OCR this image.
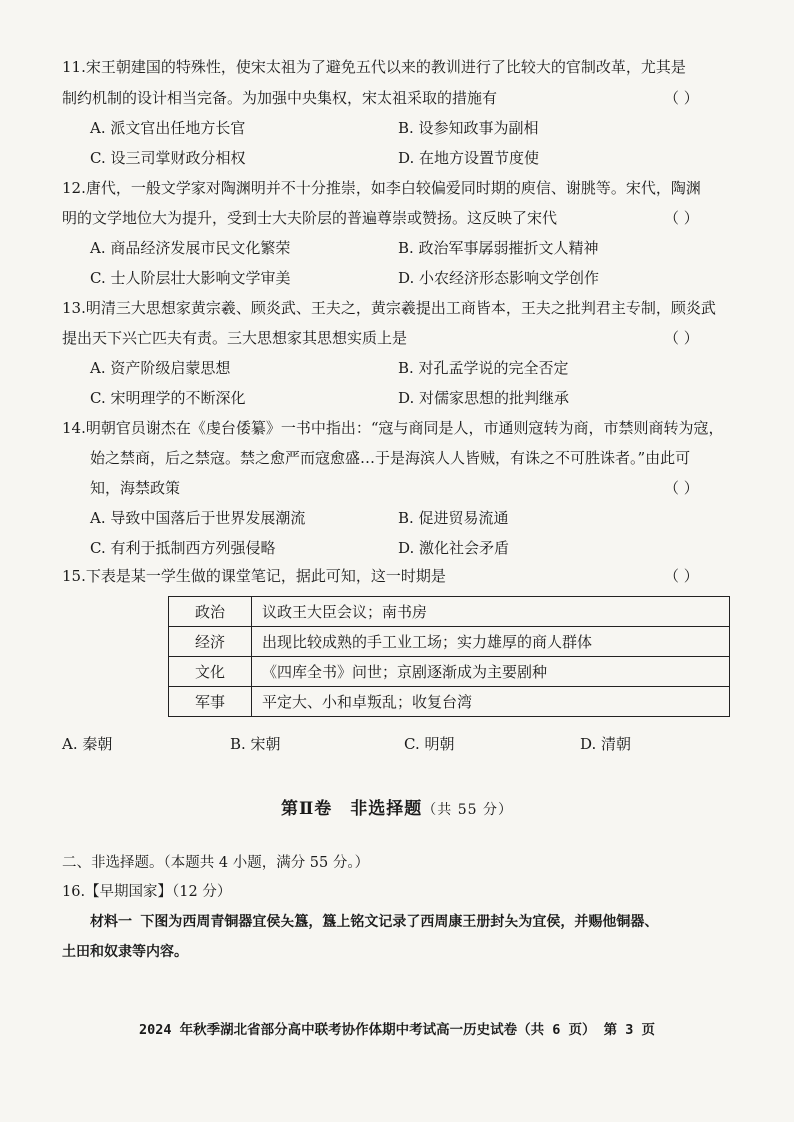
11.宋王朝建国的特殊性，使宋太祖为了避免五代以来的教训进行了比较大的官制改革，尤其是
制约机制的设计相当完备。为加强中央集权，宋太祖采取的措施有	（ ）
A. 派文官出任地方长官	B. 设参知政事为副相
C. 设三司掌财政分相权	D. 在地方设置节度使
12.唐代，一般文学家对陶渊明并不十分推崇，如李白较偏爱同时期的庾信、谢朓等。宋代，陶渊
明的文学地位大为提升，受到士大夫阶层的普遍尊崇或赞扬。这反映了宋代	（ ）
A. 商品经济发展市民文化繁荣	B. 政治军事孱弱摧折文人精神
C. 士人阶层壮大影响文学审美	D. 小农经济形态影响文学创作
13.明清三大思想家黄宗羲、顾炎武、王夫之，黄宗羲提出工商皆本，王夫之批判君主专制，顾炎武
提出天下兴亡匹夫有责。三大思想家其思想实质上是	（ ）
A. 资产阶级启蒙思想	B. 对孔孟学说的完全否定
C. 宋明理学的不断深化	D. 对儒家思想的批判继承
14.明朝官员谢杰在《虔台倭纂》一书中指出：“寇与商同是人，市通则寇转为商，市禁则商转为寇，
始之禁商，后之禁寇。禁之愈严而寇愈盛…于是海滨人人皆贼，有诛之不可胜诛者。”由此可
知，海禁政策	（ ）
A. 导致中国落后于世界发展潮流	B. 促进贸易流通
C. 有利于抵制西方列强侵略	D. 激化社会矛盾
15.下表是某一学生做的课堂笔记，据此可知，这一时期是	（ ）
政治	议政王大臣会议；南书房
经济	出现比较成熟的手工业工场；实力雄厚的商人群体
文化	《四库全书》问世；京剧逐渐成为主要剧种
军事	平定大、小和卓叛乱；收复台湾
A. 秦朝	B. 宋朝	C. 明朝	D. 清朝
第Ⅱ卷　非选择题（共 55 分）
二、非选择题。（本题共 4 小题，满分 55 分。）
16.【早期国家】（12 分）
材料一 下图为西周青铜器宜侯夨簋，簋上铭文记录了西周康王册封夨为宜侯，并赐他铜器、
土田和奴隶等内容。
2024 年秋季湖北省部分高中联考协作体期中考试高一历史试卷（共 6 页） 第 3 页
